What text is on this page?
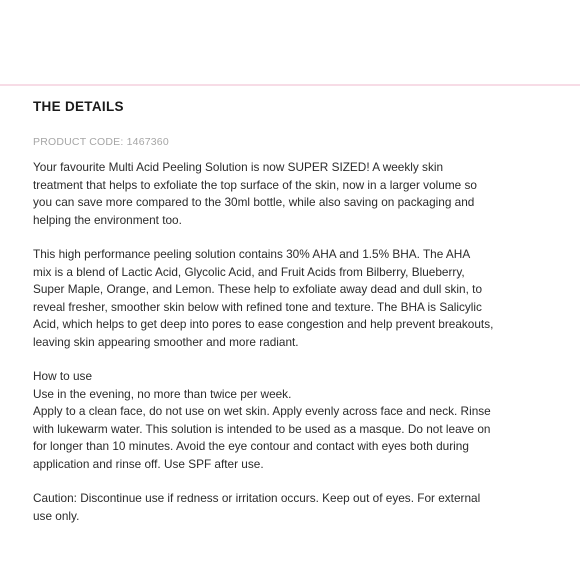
THE DETAILS
PRODUCT CODE: 1467360
Your favourite Multi Acid Peeling Solution is now SUPER SIZED! A weekly skin
treatment that helps to exfoliate the top surface of the skin, now in a larger volume so
you can save more compared to the 30ml bottle, while also saving on packaging and
helping the environment too.
This high performance peeling solution contains 30% AHA and 1.5% BHA. The AHA
mix is a blend of Lactic Acid, Glycolic Acid, and Fruit Acids from Bilberry, Blueberry,
Super Maple, Orange, and Lemon. These help to exfoliate away dead and dull skin, to
reveal fresher, smoother skin below with refined tone and texture. The BHA is Salicylic
Acid, which helps to get deep into pores to ease congestion and help prevent breakouts,
leaving skin appearing smoother and more radiant.
How to use
Use in the evening, no more than twice per week.
Apply to a clean face, do not use on wet skin. Apply evenly across face and neck. Rinse
with lukewarm water. This solution is intended to be used as a masque. Do not leave on
for longer than 10 minutes. Avoid the eye contour and contact with eyes both during
application and rinse off. Use SPF after use.
Caution: Discontinue use if redness or irritation occurs. Keep out of eyes. For external
use only.
